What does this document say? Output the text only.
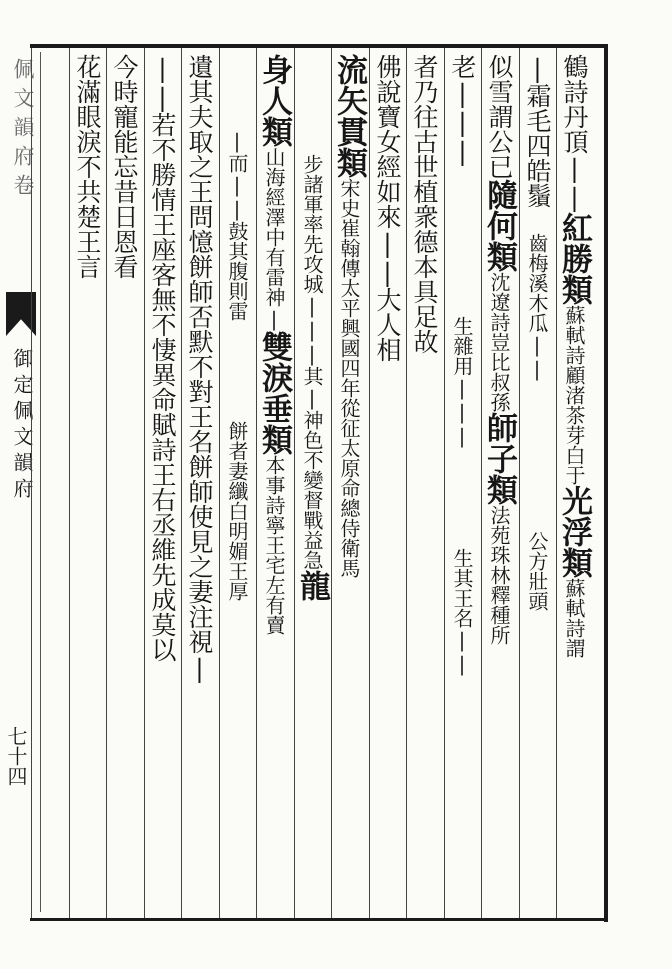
佩文韻府卷
御定佩文韻府
七十四
鶴詩丹頂||紅勝類蘇軾詩顧渚茶芽白于光浮類蘇軾詩謂
|霜毛四皓鬚　齒梅溪木瓜||　　　　　　公方壯頭
似雪謂公已隨何類沈遼詩豈比叔孫師子類法苑珠林釋種所
老|||　　　　　　生雜用|||　　　　生其王名||
者乃往古世植衆德本具足故
佛說寶女經如來||大人相
流矢貫類宋史崔翰傳太平興國四年從征太原命總侍衛馬
　　　　步諸軍率先攻城|||其|神色不變督戰益急龍
身人類山海經澤中有雷神|雙淚垂類本事詩寧王宅左有賣
　　　|而||鼓其腹則雷　　　　餅者妻纖白明媚王厚
遺其夫取之王問憶餅師否默不對王名餅師使見之妻注視|
||若不勝情王座客無不悽異命賦詩王右丞維先成莫以
今時寵能忘昔日恩看
花滿眼淚不共楚王言
